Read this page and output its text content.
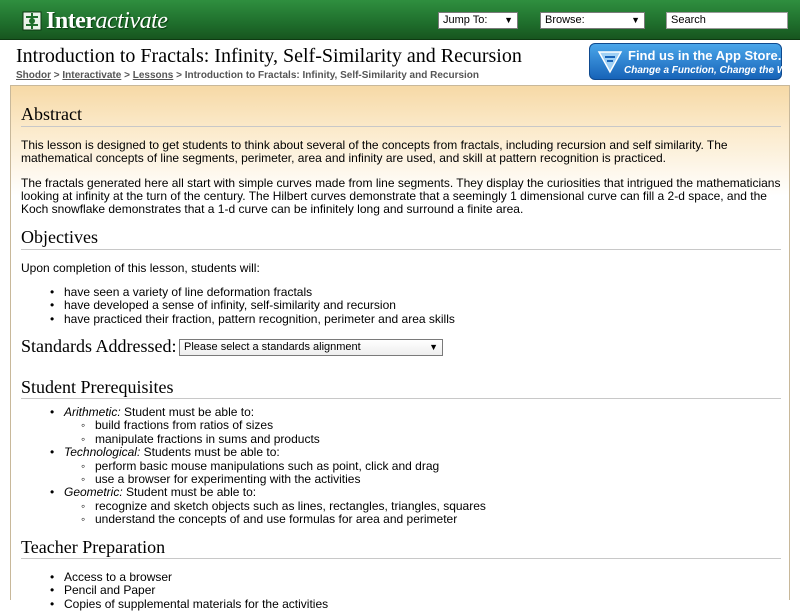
Interactivate	Jump To: ▼	Browse:	▼	Search
Introduction to Fractals: Infinity, Self-Similarity and Recursion
Shodor > Interactivate > Lessons > Introduction to Fractals: Infinity, Self-Similarity and Recursion
Find us in the App Store.
Change a Function, Change the World
Abstract

This lesson is designed to get students to think about several of the concepts from fractals, including recursion and self similarity. The mathematical concepts of line segments, perimeter, area and infinity are used, and skill at pattern recognition is practiced.

The fractals generated here all start with simple curves made from line segments. They display the curiosities that intrigued the mathematicians looking at infinity at the turn of the century. The Hilbert curves demonstrate that a seemingly 1 dimensional curve can fill a 2-d space, and the Koch snowflake demonstrates that a 1-d curve can be infinitely long and surround a finite area.

Objectives

Upon completion of this lesson, students will:

• have seen a variety of line deformation fractals
• have developed a sense of infinity, self-similarity and recursion
• have practiced their fraction, pattern recognition, perimeter and area skills
Standards Addressed: Please select a standards alignment	▼
Student Prerequisites
• Arithmetic: Student must be able to:
◦ build fractions from ratios of sizes
◦ manipulate fractions in sums and products
• Technological: Students must be able to:
◦ perform basic mouse manipulations such as point, click and drag
◦ use a browser for experimenting with the activities
• Geometric: Student must be able to:
◦ recognize and sketch objects such as lines, rectangles, triangles, squares
◦ understand the concepts of and use formulas for area and perimeter
Teacher Preparation
• Access to a browser
• Pencil and Paper
• Copies of supplemental materials for the activities
